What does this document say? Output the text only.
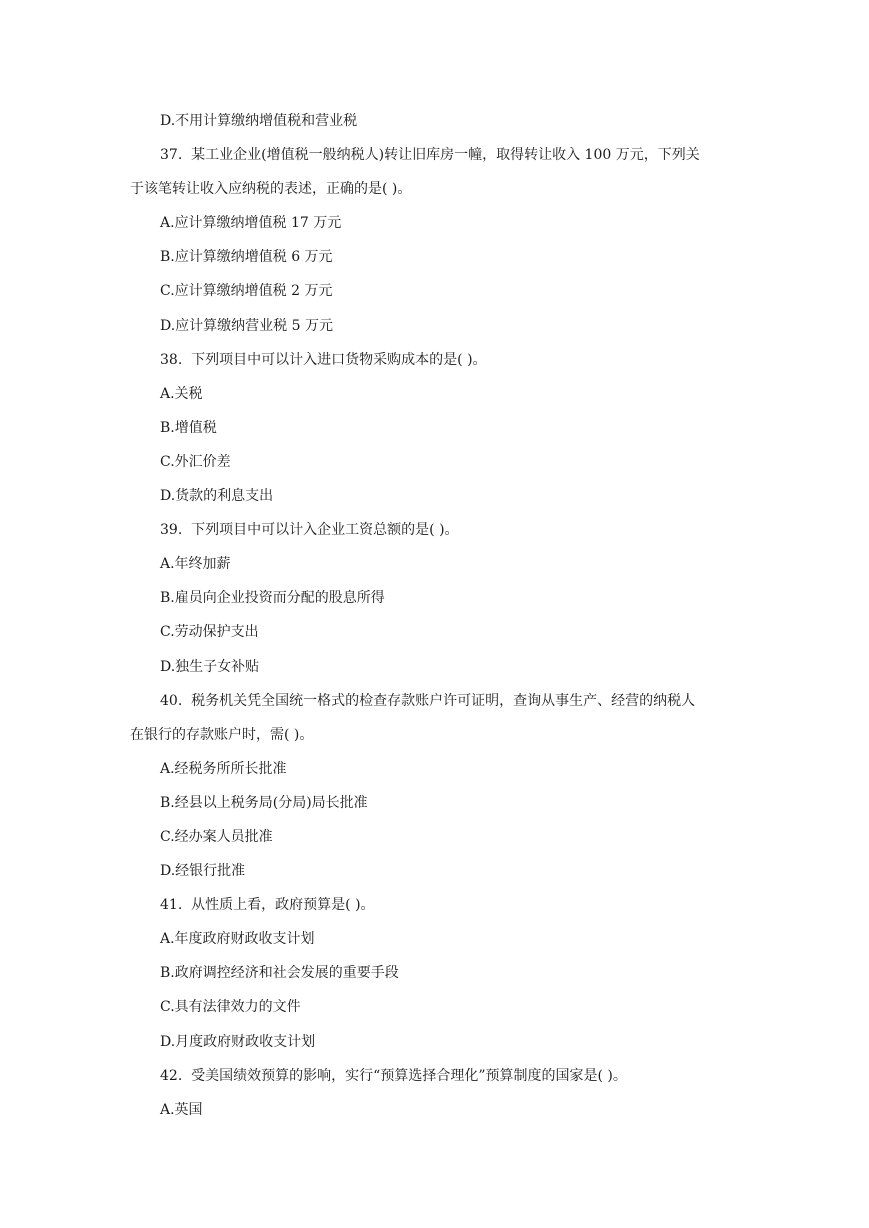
D.不用计算缴纳增值税和营业税
37.  某工业企业(增值税一般纳税人)转让旧库房一幢，取得转让收入 100 万元，下列关
于该笔转让收入应纳税的表述，正确的是( )。
A.应计算缴纳增值税 17 万元
B.应计算缴纳增值税 6 万元
C.应计算缴纳增值税 2 万元
D.应计算缴纳营业税 5 万元
38.  下列项目中可以计入进口货物采购成本的是( )。
A.关税
B.增值税
C.外汇价差
D.货款的利息支出
39.  下列项目中可以计入企业工资总额的是( )。
A.年终加薪
B.雇员向企业投资而分配的股息所得
C.劳动保护支出
D.独生子女补贴
40.  税务机关凭全国统一格式的检查存款账户许可证明，查询从事生产、经营的纳税人
在银行的存款账户时，需( )。
A.经税务所所长批准
B.经县以上税务局(分局)局长批准
C.经办案人员批准
D.经银行批准
41.  从性质上看，政府预算是( )。
A.年度政府财政收支计划
B.政府调控经济和社会发展的重要手段
C.具有法律效力的文件
D.月度政府财政收支计划
42.  受美国绩效预算的影响，实行“预算选择合理化”预算制度的国家是( )。
A.英国
